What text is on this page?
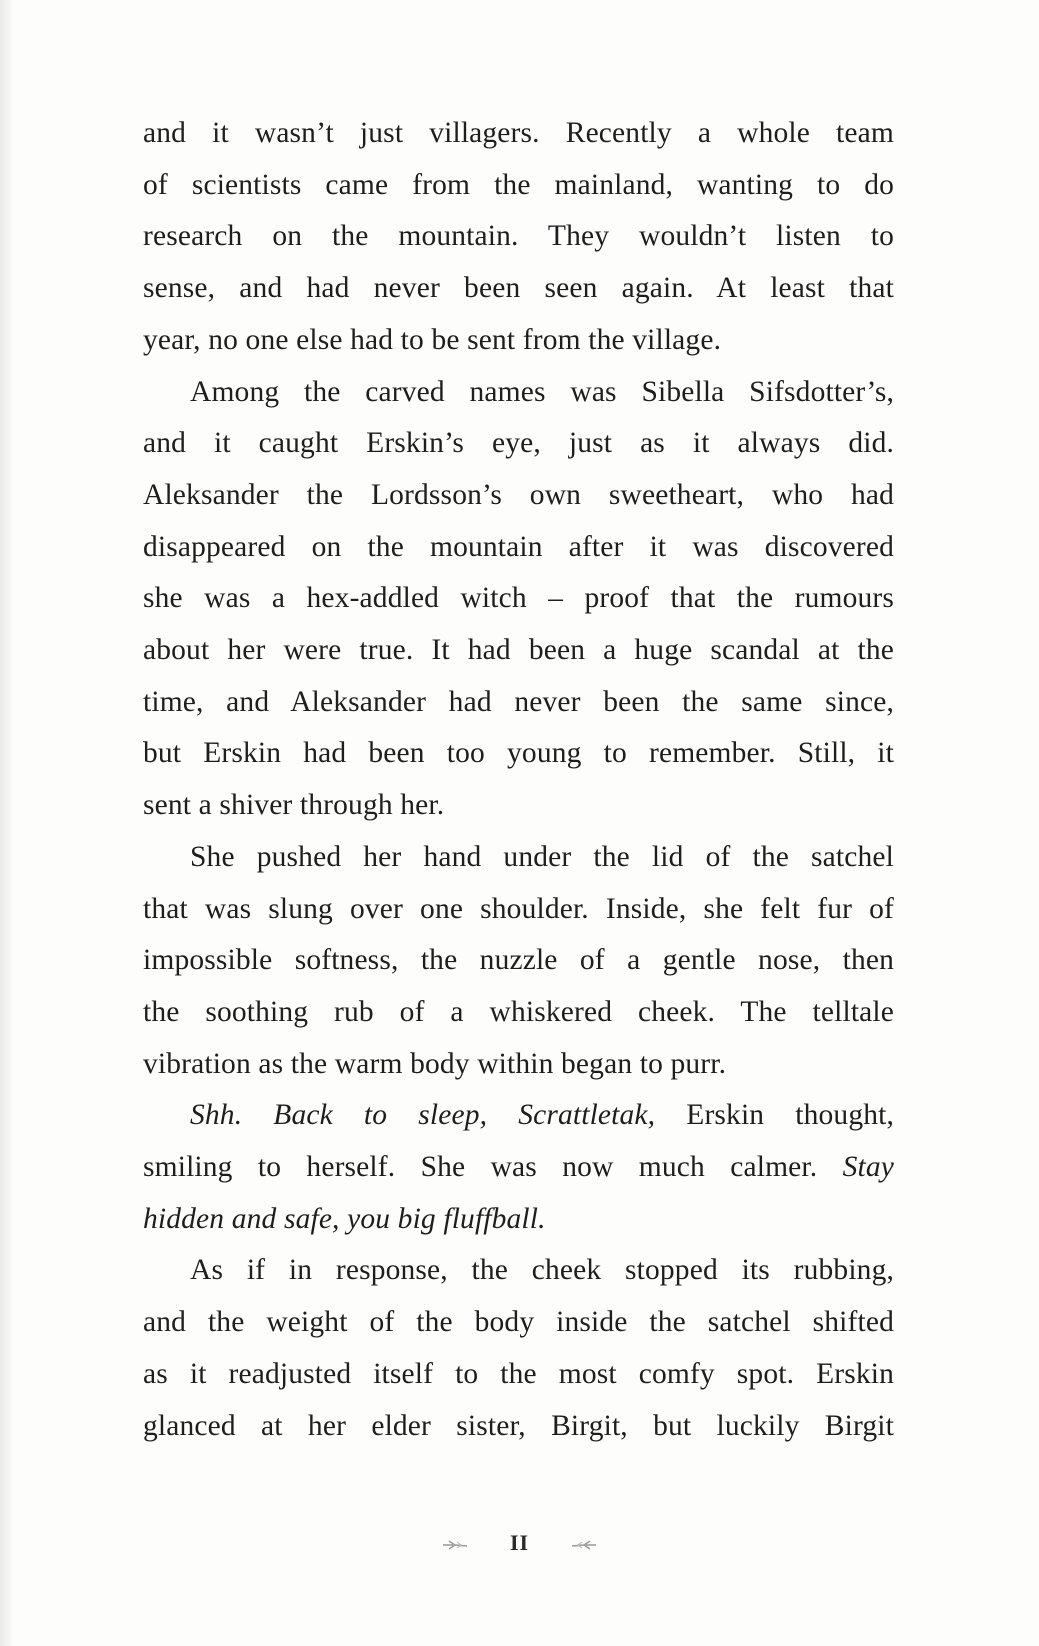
and it wasn’t just villagers. Recently a whole team
of scientists came from the mainland, wanting to do
research on the mountain. They wouldn’t listen to
sense, and had never been seen again. At least that
year, no one else had to be sent from the village.
Among the carved names was Sibella Sifsdotter’s,
and it caught Erskin’s eye, just as it always did.
Aleksander the Lordsson’s own sweetheart, who had
disappeared on the mountain after it was discovered
she was a hex-addled witch – proof that the rumours
about her were true. It had been a huge scandal at the
time, and Aleksander had never been the same since,
but Erskin had been too young to remember. Still, it
sent a shiver through her.
She pushed her hand under the lid of the satchel
that was slung over one shoulder. Inside, she felt fur of
impossible softness, the nuzzle of a gentle nose, then
the soothing rub of a whiskered cheek. The telltale
vibration as the warm body within began to purr.
Shh. Back to sleep, Scrattletak, Erskin thought,
smiling to herself. She was now much calmer. Stay
hidden and safe, you big fluffball.
As if in response, the cheek stopped its rubbing,
and the weight of the body inside the satchel shifted
as it readjusted itself to the most comfy spot. Erskin
glanced at her elder sister, Birgit, but luckily Birgit
II
